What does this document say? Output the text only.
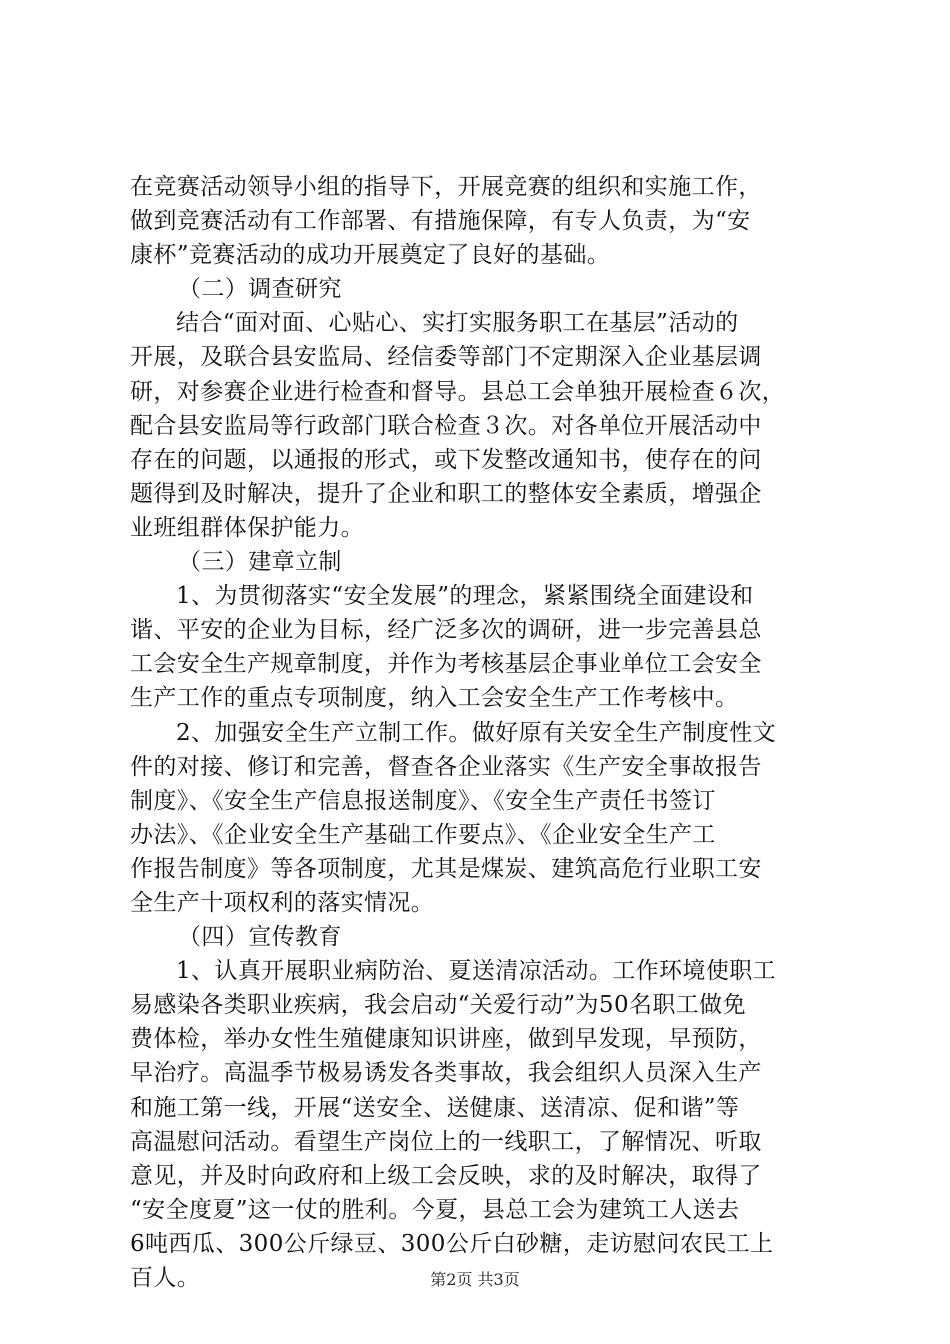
在竞赛活动领导小组的指导下，开展竞赛的组织和实施工作，
做到竞赛活动有工作部署、有措施保障，有专人负责，为“安
康杯”竞赛活动的成功开展奠定了良好的基础。
（二）调查研究
结合“面对面、心贴心、实打实服务职工在基层”活动的
开展，及联合县安监局、经信委等部门不定期深入企业基层调
研，对参赛企业进行检查和督导。县总工会单独开展检查６次，
配合县安监局等行政部门联合检查３次。对各单位开展活动中
存在的问题，以通报的形式，或下发整改通知书，使存在的问
题得到及时解决，提升了企业和职工的整体安全素质，增强企
业班组群体保护能力。
（三）建章立制
1、为贯彻落实“安全发展”的理念，紧紧围绕全面建设和
谐、平安的企业为目标，经广泛多次的调研，进一步完善县总
工会安全生产规章制度，并作为考核基层企事业单位工会安全
生产工作的重点专项制度，纳入工会安全生产工作考核中。
2、加强安全生产立制工作。做好原有关安全生产制度性文
件的对接、修订和完善，督查各企业落实《生产安全事故报告
制度》、《安全生产信息报送制度》、《安全生产责任书签订
办法》、《企业安全生产基础工作要点》、《企业安全生产工
作报告制度》等各项制度，尤其是煤炭、建筑高危行业职工安
全生产十项权利的落实情况。
（四）宣传教育
1、认真开展职业病防治、夏送清凉活动。工作环境使职工
易感染各类职业疾病，我会启动“关爱行动”为50名职工做免
费体检，举办女性生殖健康知识讲座，做到早发现，早预防，
早治疗。高温季节极易诱发各类事故，我会组织人员深入生产
和施工第一线，开展“送安全、送健康、送清凉、促和谐”等
高温慰问活动。看望生产岗位上的一线职工，了解情况、听取
意见，并及时向政府和上级工会反映，求的及时解决，取得了
“安全度夏”这一仗的胜利。今夏，县总工会为建筑工人送去
6吨西瓜、300公斤绿豆、300公斤白砂糖，走访慰问农民工上
百人。	第2页 共3页
